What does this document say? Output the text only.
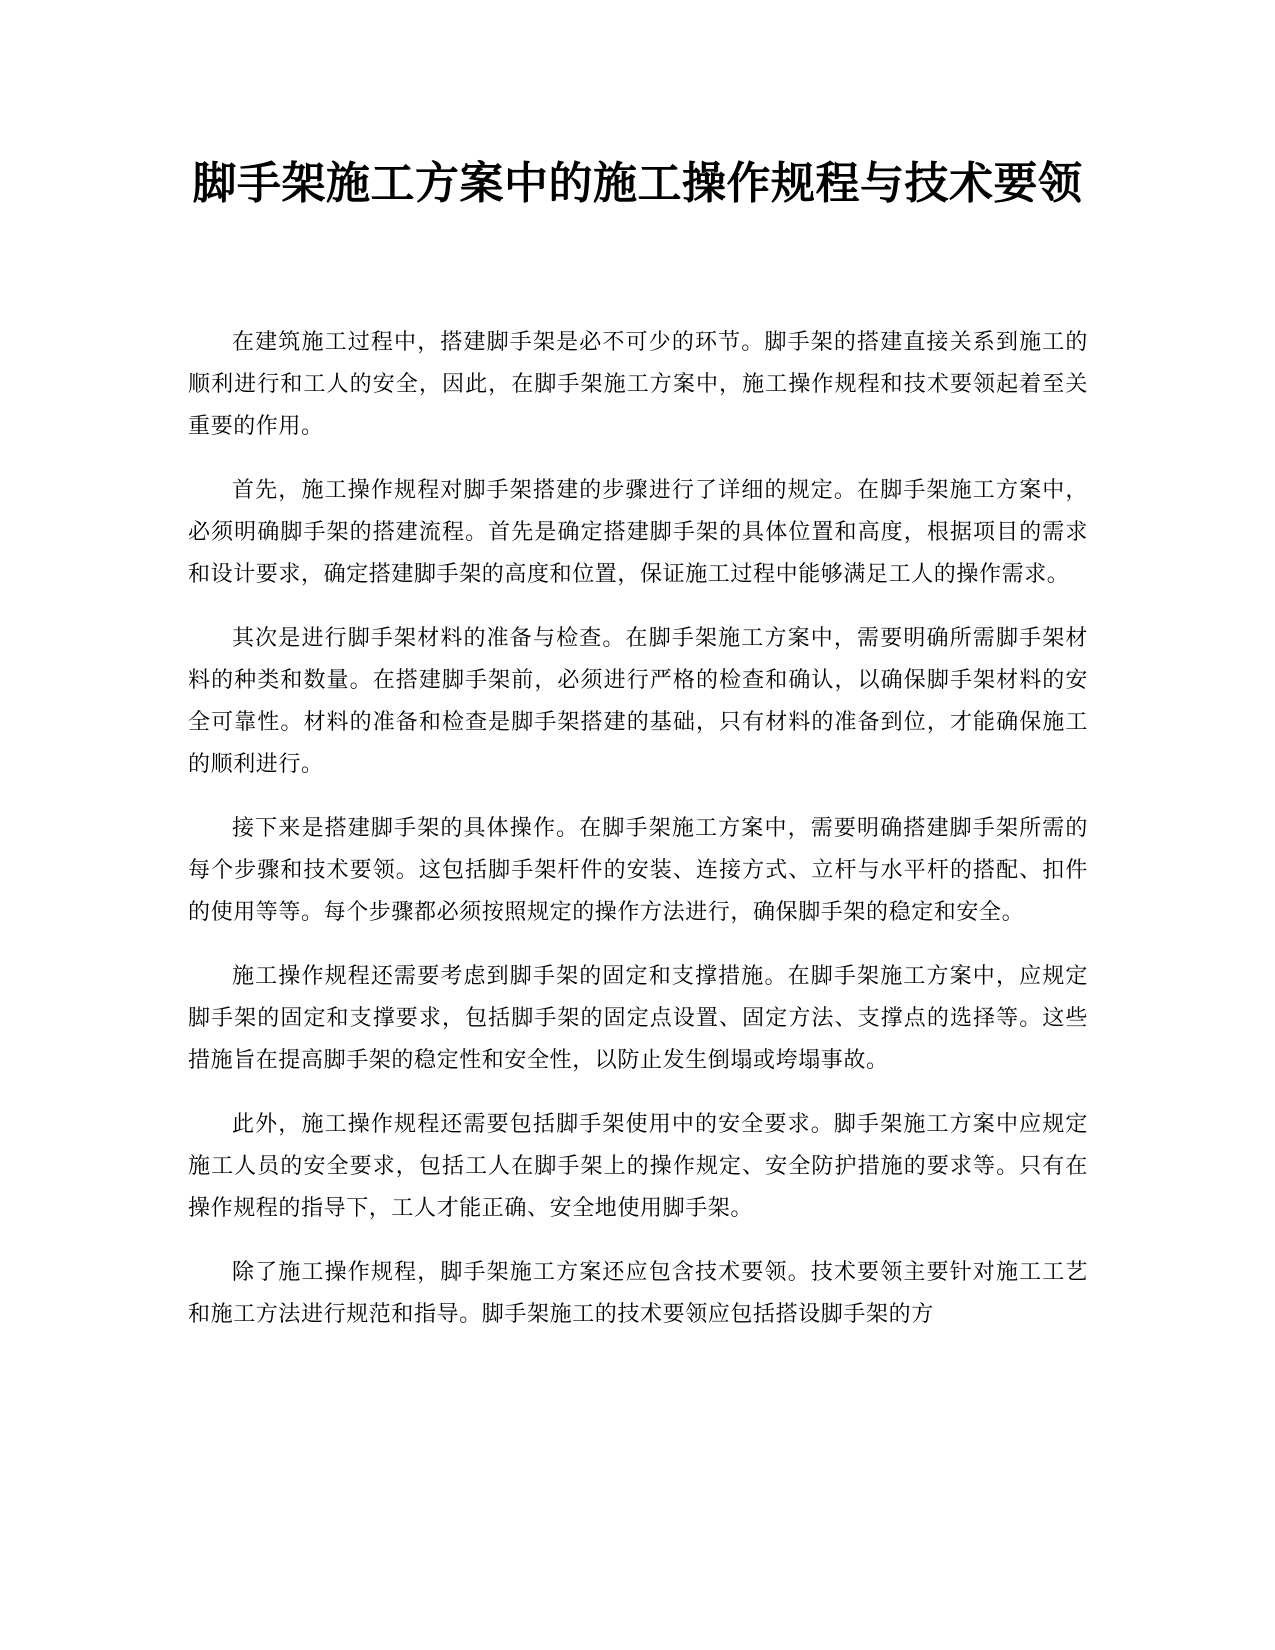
脚手架施工方案中的施工操作规程与技术要领

在建筑施工过程中，搭建脚手架是必不可少的环节。脚手架的搭建直接关系到施工的顺利进行和工人的安全，因此，在脚手架施工方案中，施工操作规程和技术要领起着至关重要的作用。

首先，施工操作规程对脚手架搭建的步骤进行了详细的规定。在脚手架施工方案中，必须明确脚手架的搭建流程。首先是确定搭建脚手架的具体位置和高度，根据项目的需求和设计要求，确定搭建脚手架的高度和位置，保证施工过程中能够满足工人的操作需求。

其次是进行脚手架材料的准备与检查。在脚手架施工方案中，需要明确所需脚手架材料的种类和数量。在搭建脚手架前，必须进行严格的检查和确认，以确保脚手架材料的安全可靠性。材料的准备和检查是脚手架搭建的基础，只有材料的准备到位，才能确保施工的顺利进行。

接下来是搭建脚手架的具体操作。在脚手架施工方案中，需要明确搭建脚手架所需的每个步骤和技术要领。这包括脚手架杆件的安装、连接方式、立杆与水平杆的搭配、扣件的使用等等。每个步骤都必须按照规定的操作方法进行，确保脚手架的稳定和安全。

施工操作规程还需要考虑到脚手架的固定和支撑措施。在脚手架施工方案中，应规定脚手架的固定和支撑要求，包括脚手架的固定点设置、固定方法、支撑点的选择等。这些措施旨在提高脚手架的稳定性和安全性，以防止发生倒塌或垮塌事故。

此外，施工操作规程还需要包括脚手架使用中的安全要求。脚手架施工方案中应规定施工人员的安全要求，包括工人在脚手架上的操作规定、安全防护措施的要求等。只有在操作规程的指导下，工人才能正确、安全地使用脚手架。

除了施工操作规程，脚手架施工方案还应包含技术要领。技术要领主要针对施工工艺和施工方法进行规范和指导。脚手架施工的技术要领应包括搭设脚手架的方
